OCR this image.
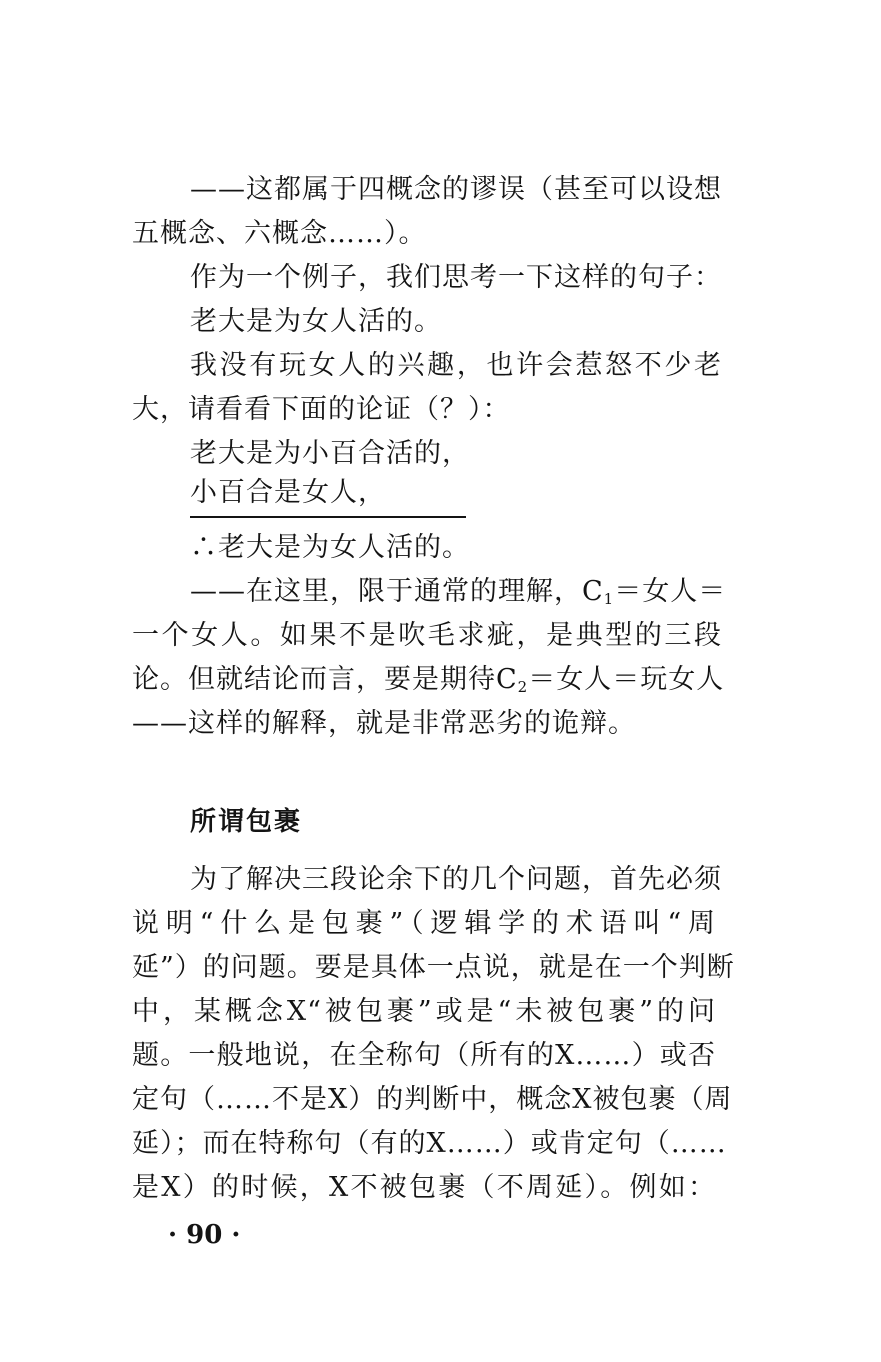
——这都属于四概念的谬误（甚至可以设想
五概念、六概念……）。
作为一个例子，我们思考一下这样的句子：
老大是为女人活的。
我没有玩女人的兴趣，也许会惹怒不少老
大，请看看下面的论证（？）：
老大是为小百合活的，
小百合是女人，
∴老大是为女人活的。
——在这里，限于通常的理解，$C_1=$女人＝
一个女人。如果不是吹毛求疵，是典型的三段
论。但就结论而言，要是期待$C_2=$女人＝玩女人
——这样的解释，就是非常恶劣的诡辩。
所谓包裹
为了解决三段论余下的几个问题，首先必须
说明“什么是包裹”（逻辑学的术语叫“周
延”）的问题。要是具体一点说，就是在一个判断
中，某概念X“被包裹”或是“未被包裹”的问
题。一般地说，在全称句（所有的X……）或否
定句（……不是X）的判断中，概念X被包裹（周
延）；而在特称句（有的X……）或肯定句（……
是X）的时候，X不被包裹（不周延）。例如：
· 90 ·
